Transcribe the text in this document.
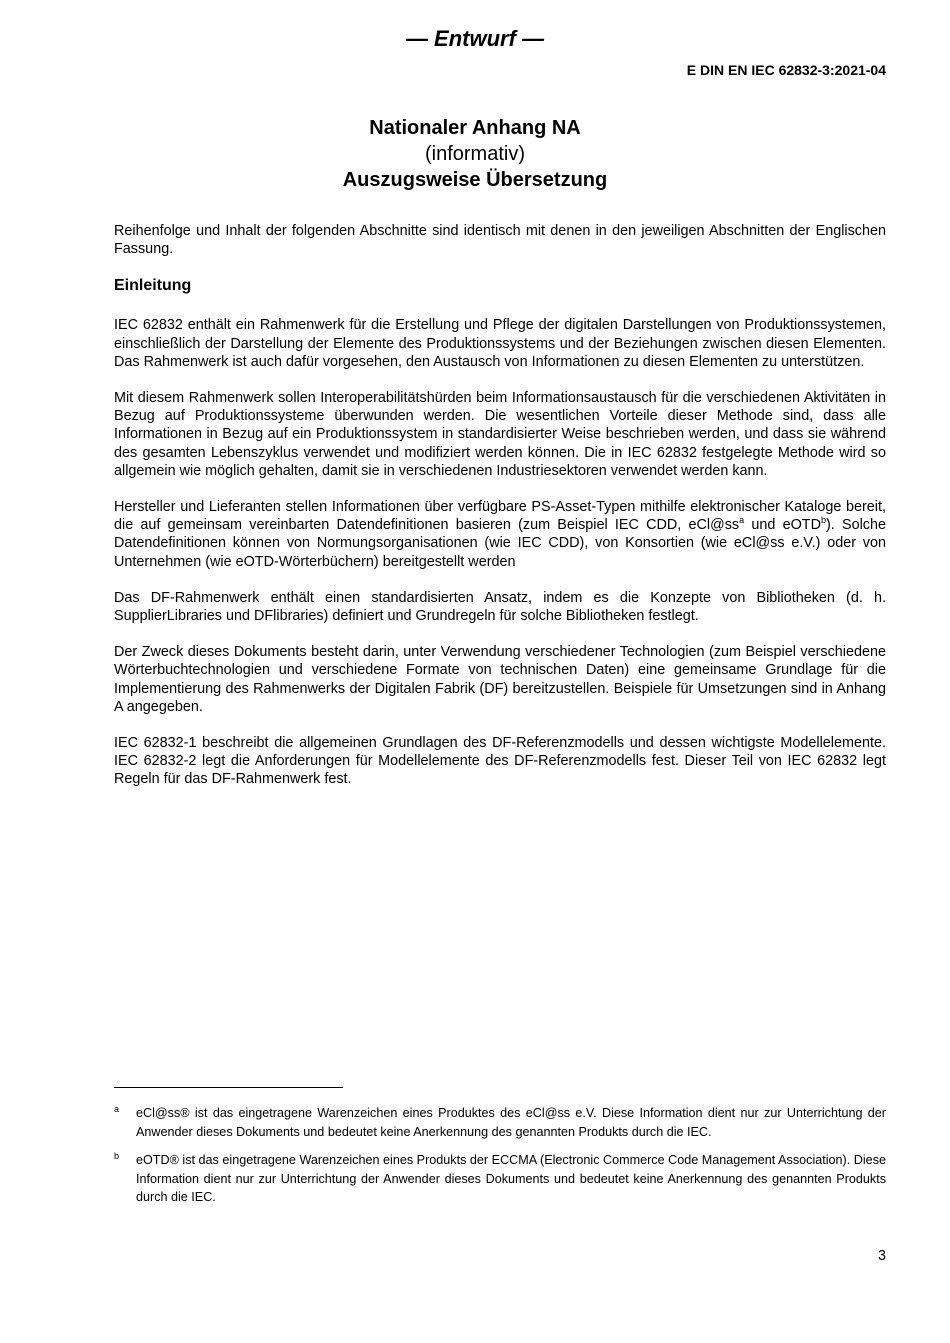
— Entwurf —
E DIN EN IEC 62832-3:2021-04
Nationaler Anhang NA
(informativ)
Auszugsweise Übersetzung

Reihenfolge und Inhalt der folgenden Abschnitte sind identisch mit denen in den jeweiligen Abschnitten der Englischen Fassung.

Einleitung

IEC 62832 enthält ein Rahmenwerk für die Erstellung und Pflege der digitalen Darstellungen von Produktionssystemen, einschließlich der Darstellung der Elemente des Produktionssystems und der Beziehungen zwischen diesen Elementen. Das Rahmenwerk ist auch dafür vorgesehen, den Austausch von Informationen zu diesen Elementen zu unterstützen.

Mit diesem Rahmenwerk sollen Interoperabilitätshürden beim Informationsaustausch für die verschiedenen Aktivitäten in Bezug auf Produktionssysteme überwunden werden. Die wesentlichen Vorteile dieser Methode sind, dass alle Informationen in Bezug auf ein Produktionssystem in standardisierter Weise beschrieben werden, und dass sie während des gesamten Lebenszyklus verwendet und modifiziert werden können. Die in IEC 62832 festgelegte Methode wird so allgemein wie möglich gehalten, damit sie in verschiedenen Industriesektoren verwendet werden kann.

Hersteller und Lieferanten stellen Informationen über verfügbare PS-Asset-Typen mithilfe elektronischer Kataloge bereit, die auf gemeinsam vereinbarten Datendefinitionen basieren (zum Beispiel IEC CDD, $eCl@ss^a$ und eOTD$^b$). Solche Datendefinitionen können von Normungsorganisationen (wie IEC CDD), von Konsortien (wie eCl@ss e.V.) oder von Unternehmen (wie eOTD-Wörterbüchern) bereitgestellt werden

Das DF-Rahmenwerk enthält einen standardisierten Ansatz, indem es die Konzepte von Bibliotheken (d. h. SupplierLibraries und DFlibraries) definiert und Grundregeln für solche Bibliotheken festlegt.

Der Zweck dieses Dokuments besteht darin, unter Verwendung verschiedener Technologien (zum Beispiel verschiedene Wörterbuchtechnologien und verschiedene Formate von technischen Daten) eine gemeinsame Grundlage für die Implementierung des Rahmenwerks der Digitalen Fabrik (DF) bereitzustellen. Beispiele für Umsetzungen sind in Anhang A angegeben.

IEC 62832-1 beschreibt die allgemeinen Grundlagen des DF-Referenzmodells und dessen wichtigste Modellelemente. IEC 62832-2 legt die Anforderungen für Modellelemente des DF-Referenzmodells fest. Dieser Teil von IEC 62832 legt Regeln für das DF-Rahmenwerk fest.

a eCl@ss® ist das eingetragene Warenzeichen eines Produktes des eCl@ss e.V. Diese Information dient nur zur Unterrichtung der Anwender dieses Dokuments und bedeutet keine Anerkennung des genannten Produkts durch die IEC.
b eOTD® ist das eingetragene Warenzeichen eines Produkts der ECCMA (Electronic Commerce Code Management Association). Diese Information dient nur zur Unterrichtung der Anwender dieses Dokuments und bedeutet keine Anerkennung des genannten Produkts durch die IEC.
3
